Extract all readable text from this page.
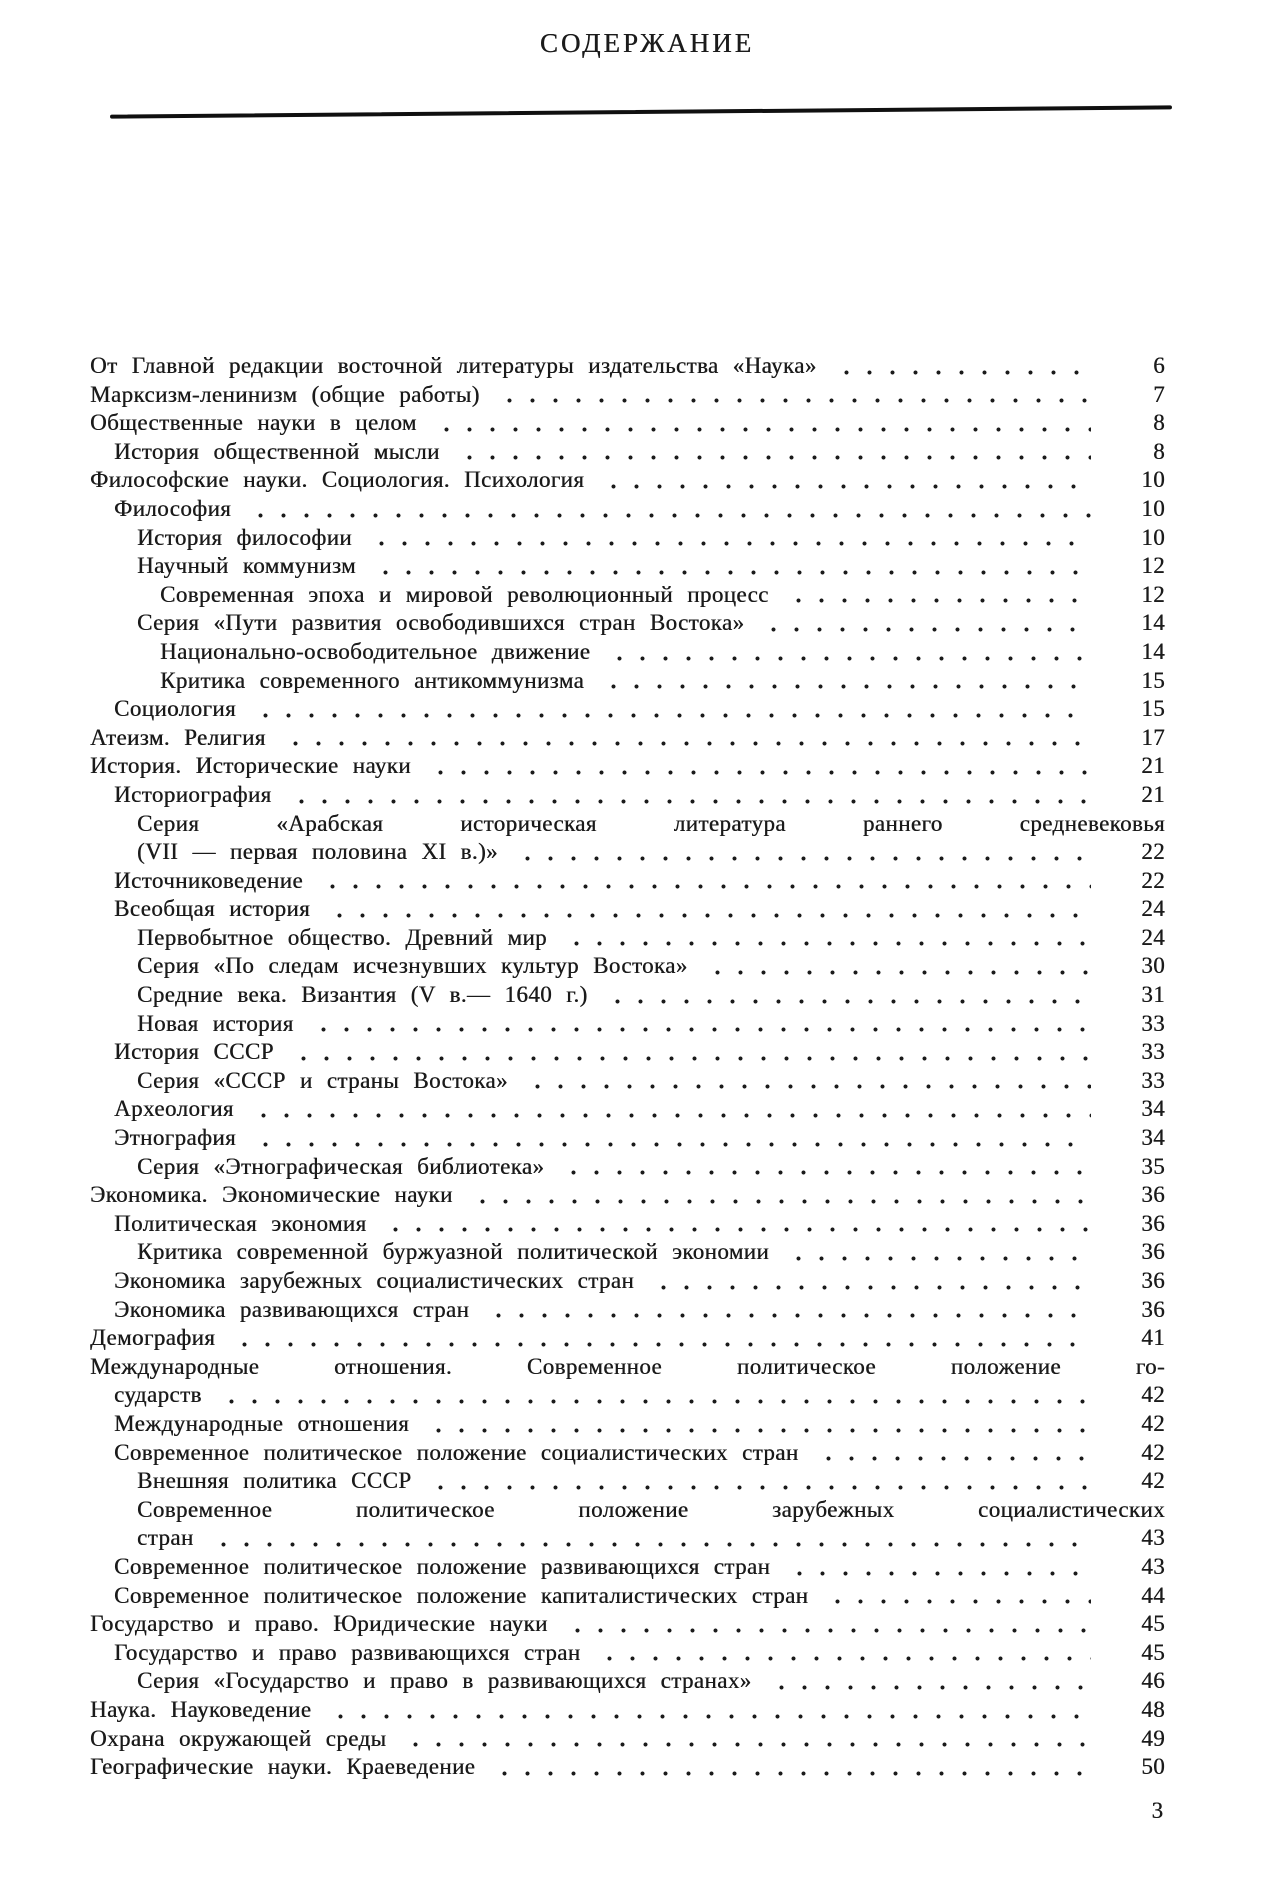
СОДЕРЖАНИЕ
От Главной редакции восточной литературы издательства «Наука»	6
Марксизм-ленинизм (общие работы)	7
Общественные науки в целом	8
История общественной мысли	8
Философские науки. Социология. Психология	10
Философия	10
История философии	10
Научный коммунизм	12
Современная эпоха и мировой революционный процесс	12
Серия «Пути развития освободившихся стран Востока»	14
Национально-освободительное движение	14
Критика современного антикоммунизма	15
Социология	15
Атеизм. Религия	17
История. Исторические науки	21
Историография	21
Серия «Арабская историческая литература раннего средневековья
(VII — первая половина XI в.)»	22
Источниковедение	22
Всеобщая история	24
Первобытное общество. Древний мир	24
Серия «По следам исчезнувших культур Востока»	30
Средние века. Византия (V в.— 1640 г.)	31
Новая история	33
История СССР	33
Серия «СССР и страны Востока»	33
Археология	34
Этнография	34
Серия «Этнографическая библиотека»	35
Экономика. Экономические науки	36
Политическая экономия	36
Критика современной буржуазной политической экономии	36
Экономика зарубежных социалистических стран	36
Экономика развивающихся стран	36
Демография	41
Международные отношения. Современное политическое положение го-
сударств	42
Международные отношения	42
Современное политическое положение социалистических стран	42
Внешняя политика СССР	42
Современное политическое положение зарубежных социалистических
стран	43
Современное политическое положение развивающихся стран	43
Современное политическое положение капиталистических стран	44
Государство и право. Юридические науки	45
Государство и право развивающихся стран	45
Серия «Государство и право в развивающихся странах»	46
Наука. Науковедение	48
Охрана окружающей среды	49
Географические науки. Краеведение	50
3
